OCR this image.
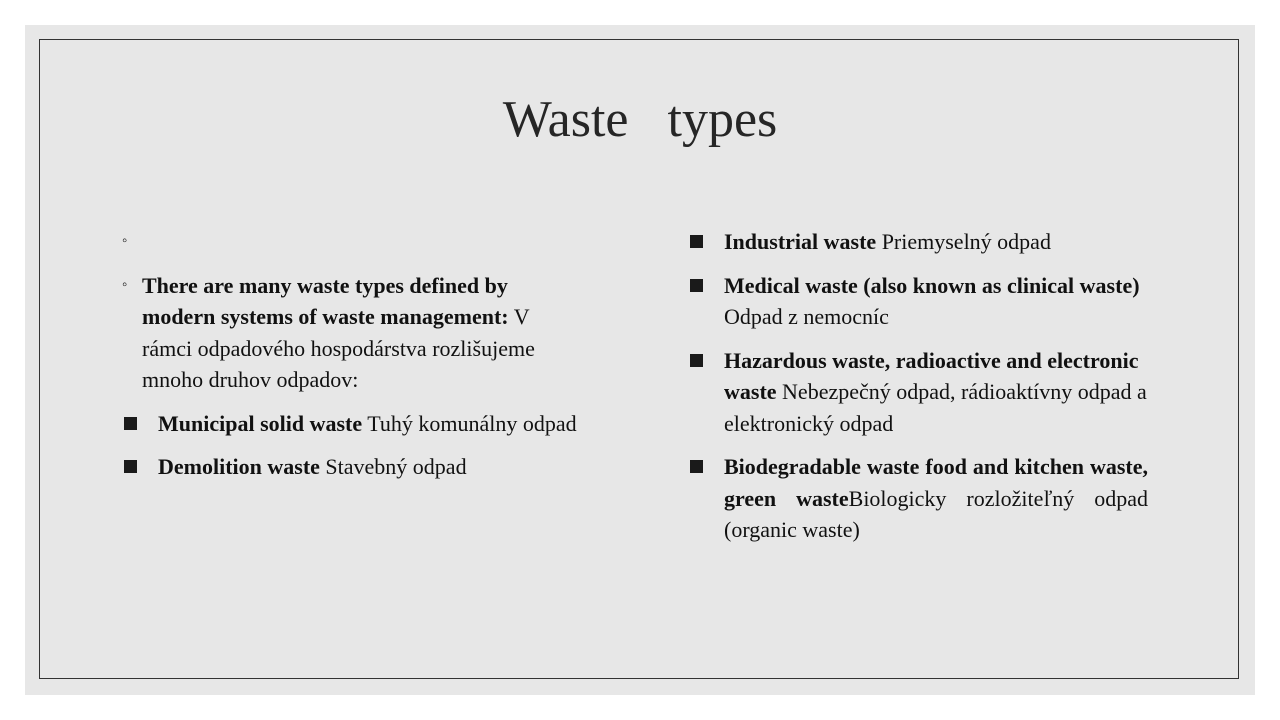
Waste   types
◦
◦ There are many waste types defined by modern systems of waste management: V rámci odpadového hospodárstva rozlišujeme mnoho druhov odpadov:
Municipal solid waste Tuhý komunálny odpad
Demolition waste Stavebný odpad
Industrial waste Priemyselný odpad
Medical waste (also known as clinical waste) Odpad z nemocníc
Hazardous waste, radioactive and electronic waste Nebezpečný odpad, rádioaktívny odpad a elektronický odpad
Biodegradable waste food and kitchen waste, green wasteBiologicky rozložiteľný odpad (organic waste)
